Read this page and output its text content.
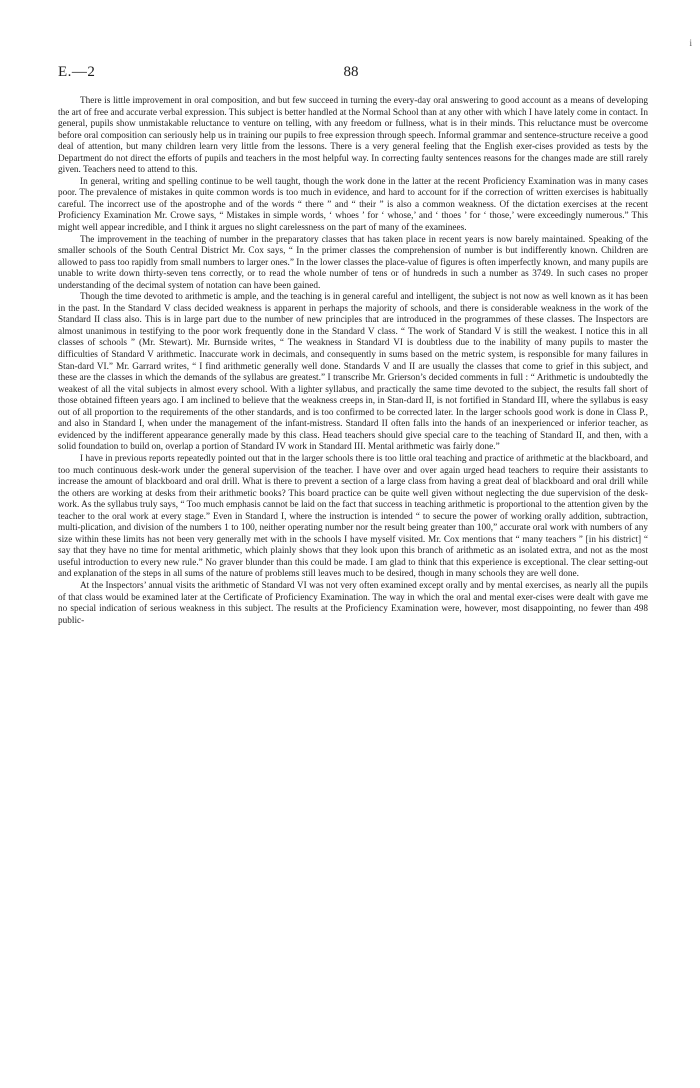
i
E.—2	88

There is little improvement in oral composition, and but few succeed in turning the every-day oral answering to good account as a means of developing the art of free and accurate verbal expression. This subject is better handled at the Normal School than at any other with which I have lately come in contact. In general, pupils show unmistakable reluctance to venture on telling, with any freedom or fullness, what is in their minds. This reluctance must be overcome before oral composition can seriously help us in training our pupils to free expression through speech. Informal grammar and sentence-structure receive a good deal of attention, but many children learn very little from the lessons. There is a very general feeling that the English exer-cises provided as tests by the Department do not direct the efforts of pupils and teachers in the most helpful way. In correcting faulty sentences reasons for the changes made are still rarely given. Teachers need to attend to this.

In general, writing and spelling continue to be well taught, though the work done in the latter at the recent Proficiency Examination was in many cases poor. The prevalence of mistakes in quite common words is too much in evidence, and hard to account for if the correction of written exercises is habitually careful. The incorrect use of the apostrophe and of the words “ there ” and “ their ” is also a common weakness. Of the dictation exercises at the recent Proficiency Examination Mr. Crowe says, “ Mistakes in simple words, ‘ whoes ’ for ‘ whose,’ and ‘ thoes ’ for ‘ those,’ were exceedingly numerous.” This might well appear incredible, and I think it argues no slight carelessness on the part of many of the examinees.

The improvement in the teaching of number in the preparatory classes that has taken place in recent years is now barely maintained. Speaking of the smaller schools of the South Central District Mr. Cox says, “ In the primer classes the comprehension of number is but indifferently known. Children are allowed to pass too rapidly from small numbers to larger ones.” In the lower classes the place-value of figures is often imperfectly known, and many pupils are unable to write down thirty-seven tens correctly, or to read the whole number of tens or of hundreds in such a number as 3749. In such cases no proper understanding of the decimal system of notation can have been gained.

Though the time devoted to arithmetic is ample, and the teaching is in general careful and intelligent, the subject is not now as well known as it has been in the past. In the Standard V class decided weakness is apparent in perhaps the majority of schools, and there is considerable weakness in the work of the Standard II class also. This is in large part due to the number of new principles that are introduced in the programmes of these classes. The Inspectors are almost unanimous in testifying to the poor work frequently done in the Standard V class. “ The work of Standard V is still the weakest. I notice this in all classes of schools ” (Mr. Stewart). Mr. Burnside writes, “ The weakness in Standard VI is doubtless due to the inability of many pupils to master the difficulties of Standard V arithmetic. Inaccurate work in decimals, and consequently in sums based on the metric system, is responsible for many failures in Stan-dard VI.” Mr. Garrard writes, “ I find arithmetic generally well done. Standards V and II are usually the classes that come to grief in this subject, and these are the classes in which the demands of the syllabus are greatest.” I transcribe Mr. Grierson’s decided comments in full : “ Arithmetic is undoubtedly the weakest of all the vital subjects in almost every school. With a lighter syllabus, and practically the same time devoted to the subject, the results fall short of those obtained fifteen years ago. I am inclined to believe that the weakness creeps in, in Stan-dard II, is not fortified in Standard III, where the syllabus is easy out of all proportion to the requirements of the other standards, and is too confirmed to be corrected later. In the larger schools good work is done in Class P., and also in Standard I, when under the management of the infant-mistress. Standard II often falls into the hands of an inexperienced or inferior teacher, as evidenced by the indifferent appearance generally made by this class. Head teachers should give special care to the teaching of Standard II, and then, with a solid foundation to build on, overlap a portion of Standard IV work in Standard III. Mental arithmetic was fairly done.”

I have in previous reports repeatedly pointed out that in the larger schools there is too little oral teaching and practice of arithmetic at the blackboard, and too much continuous desk-work under the general supervision of the teacher. I have over and over again urged head teachers to require their assistants to increase the amount of blackboard and oral drill. What is there to prevent a section of a large class from having a great deal of blackboard and oral drill while the others are working at desks from their arithmetic books? This board practice can be quite well given without neglecting the due supervision of the desk-work. As the syllabus truly says, “ Too much emphasis cannot be laid on the fact that success in teaching arithmetic is proportional to the attention given by the teacher to the oral work at every stage.” Even in Standard I, where the instruction is intended “ to secure the power of working orally addition, subtraction, multi-plication, and division of the numbers 1 to 100, neither operating number nor the result being greater than 100,” accurate oral work with numbers of any size within these limits has not been very generally met with in the schools I have myself visited. Mr. Cox mentions that “ many teachers ” [in his district] “ say that they have no time for mental arithmetic, which plainly shows that they look upon this branch of arithmetic as an isolated extra, and not as the most useful introduction to every new rule.” No graver blunder than this could be made. I am glad to think that this experience is exceptional. The clear setting-out and explanation of the steps in all sums of the nature of problems still leaves much to be desired, though in many schools they are well done.

At the Inspectors’ annual visits the arithmetic of Standard VI was not very often examined except orally and by mental exercises, as nearly all the pupils of that class would be examined later at the Certificate of Proficiency Examination. The way in which the oral and mental exer-cises were dealt with gave me no special indication of serious weakness in this subject. The results at the Proficiency Examination were, however, most disappointing, no fewer than 498 public-
